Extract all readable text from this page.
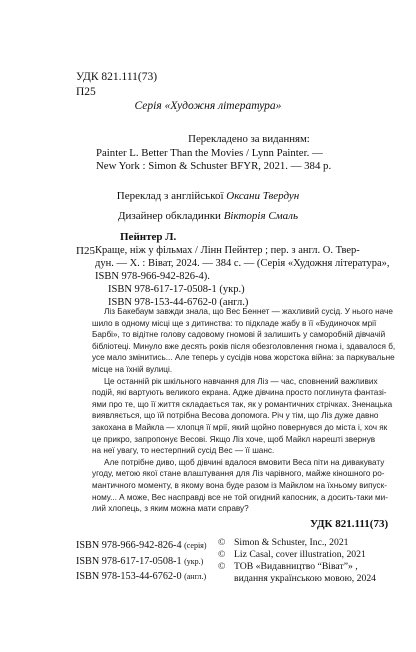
УДК 821.111(73)
П25
Серія «Художня література»
Перекладено за виданням:
Painter L. Better Than the Movies / Lynn Painter. —
New York : Simon & Schuster BFYR, 2021. — 384 p.
Переклад з англійської Оксани Твердун
Дизайнер обкладинки Вікторія Смаль
Пейнтер Л.
П25 Краще, ніж у фільмах / Лінн Пейнтер ; пер. з англ. О. Твер-
дун. — Х. : Віват, 2024. — 384 с. — (Серія «Художня література»,
ISBN 978-966-942-826-4).
ISBN 978-617-17-0508-1 (укр.)
ISBN 978-153-44-6762-0 (англ.)
Ліз Бакебаум завжди знала, що Вес Беннет — жахливий сусід. У нього наче
шило в одному місці ще з дитинства: то підкладе жабу в її «Будиночок мрії
Барбі», то відітне голову садовому гномові й залишить у саморобній дівчачій
бібліотеці. Минуло вже десять років після обезголовлення гнома і, здавалося б,
усе мало змінитись... Але теперь у сусідів нова жорстока війна: за паркувальне
місце на їхній вулиці.
Це останній рік шкільного навчання для Ліз — час, сповнений важливих
подій, які вартують великого екрана. Адже дівчина просто поглинута фантазі-
ями про те, що її життя складається так, як у романтичних стрічках. Зненацька
виявляється, що їй потрібна Весова допомога. Річ у тім, що Ліз дуже давно
закохана в Майкла — хлопця її мрії, який щойно повернувся до міста і, хоч як
це прикро, запропонує Весові. Якщо Ліз хоче, щоб Майкл нарешті звернув
на неї увагу, то нестерпний сусід Вес — її шанс.
Але потрібне диво, щоб дівчині вдалося вмовити Веса піти на дивакувату
угоду, метою якої стане влаштування для Ліз чарівного, майже кіношного ро-
мантичного моменту, в якому вона буде разом із Майклом на їхньому випуск-
ному... А може, Вес насправді все не той огидний капосник, а досить-таки ми-
лий хлопець, з яким можна мати справу?
УДК 821.111(73)
ISBN 978-966-942-826-4 (серія)
ISBN 978-617-17-0508-1 (укр.)
ISBN 978-153-44-6762-0 (англ.)
© Simon & Schuster, Inc., 2021
© Liz Casal, cover illustration, 2021
© ТОВ «Видавництво “Віват”» ,
видання українською мовою, 2024
